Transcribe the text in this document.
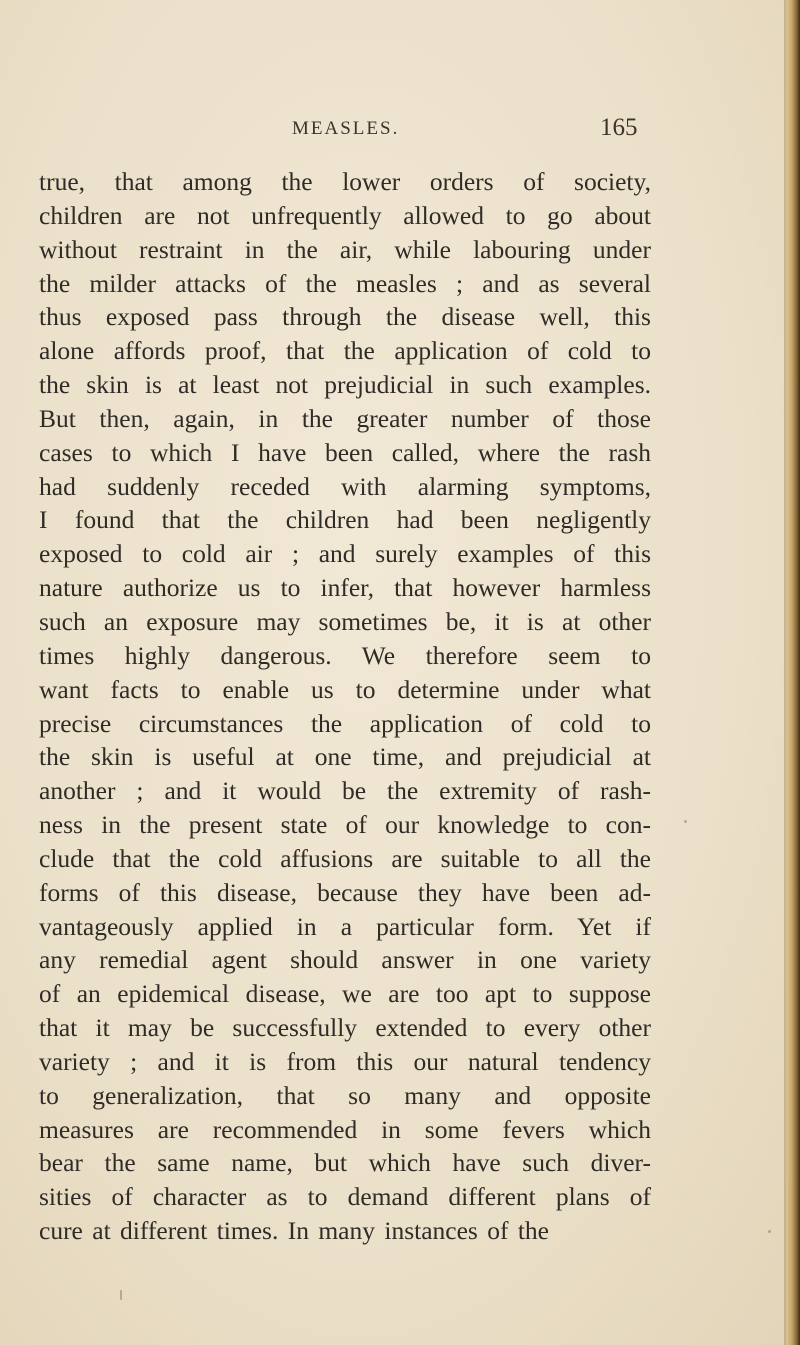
MEASLES.	165
true, that among the lower orders of society,
children are not unfrequently allowed to go about
without restraint in the air, while labouring under
the milder attacks of the measles ; and as several
thus exposed pass through the disease well, this
alone affords proof, that the application of cold to
the skin is at least not prejudicial in such examples.
But then, again, in the greater number of those
cases to which I have been called, where the rash
had suddenly receded with alarming symptoms,
I found that the children had been negligently
exposed to cold air ; and surely examples of this
nature authorize us to infer, that however harmless
such an exposure may sometimes be, it is at other
times highly dangerous. We therefore seem to
want facts to enable us to determine under what
precise circumstances the application of cold to
the skin is useful at one time, and prejudicial at
another ; and it would be the extremity of rash-
ness in the present state of our knowledge to con-
clude that the cold affusions are suitable to all the
forms of this disease, because they have been ad-
vantageously applied in a particular form. Yet if
any remedial agent should answer in one variety
of an epidemical disease, we are too apt to suppose
that it may be successfully extended to every other
variety ; and it is from this our natural tendency
to generalization, that so many and opposite
measures are recommended in some fevers which
bear the same name, but which have such diver-
sities of character as to demand different plans of
cure at different times. In many instances of the
